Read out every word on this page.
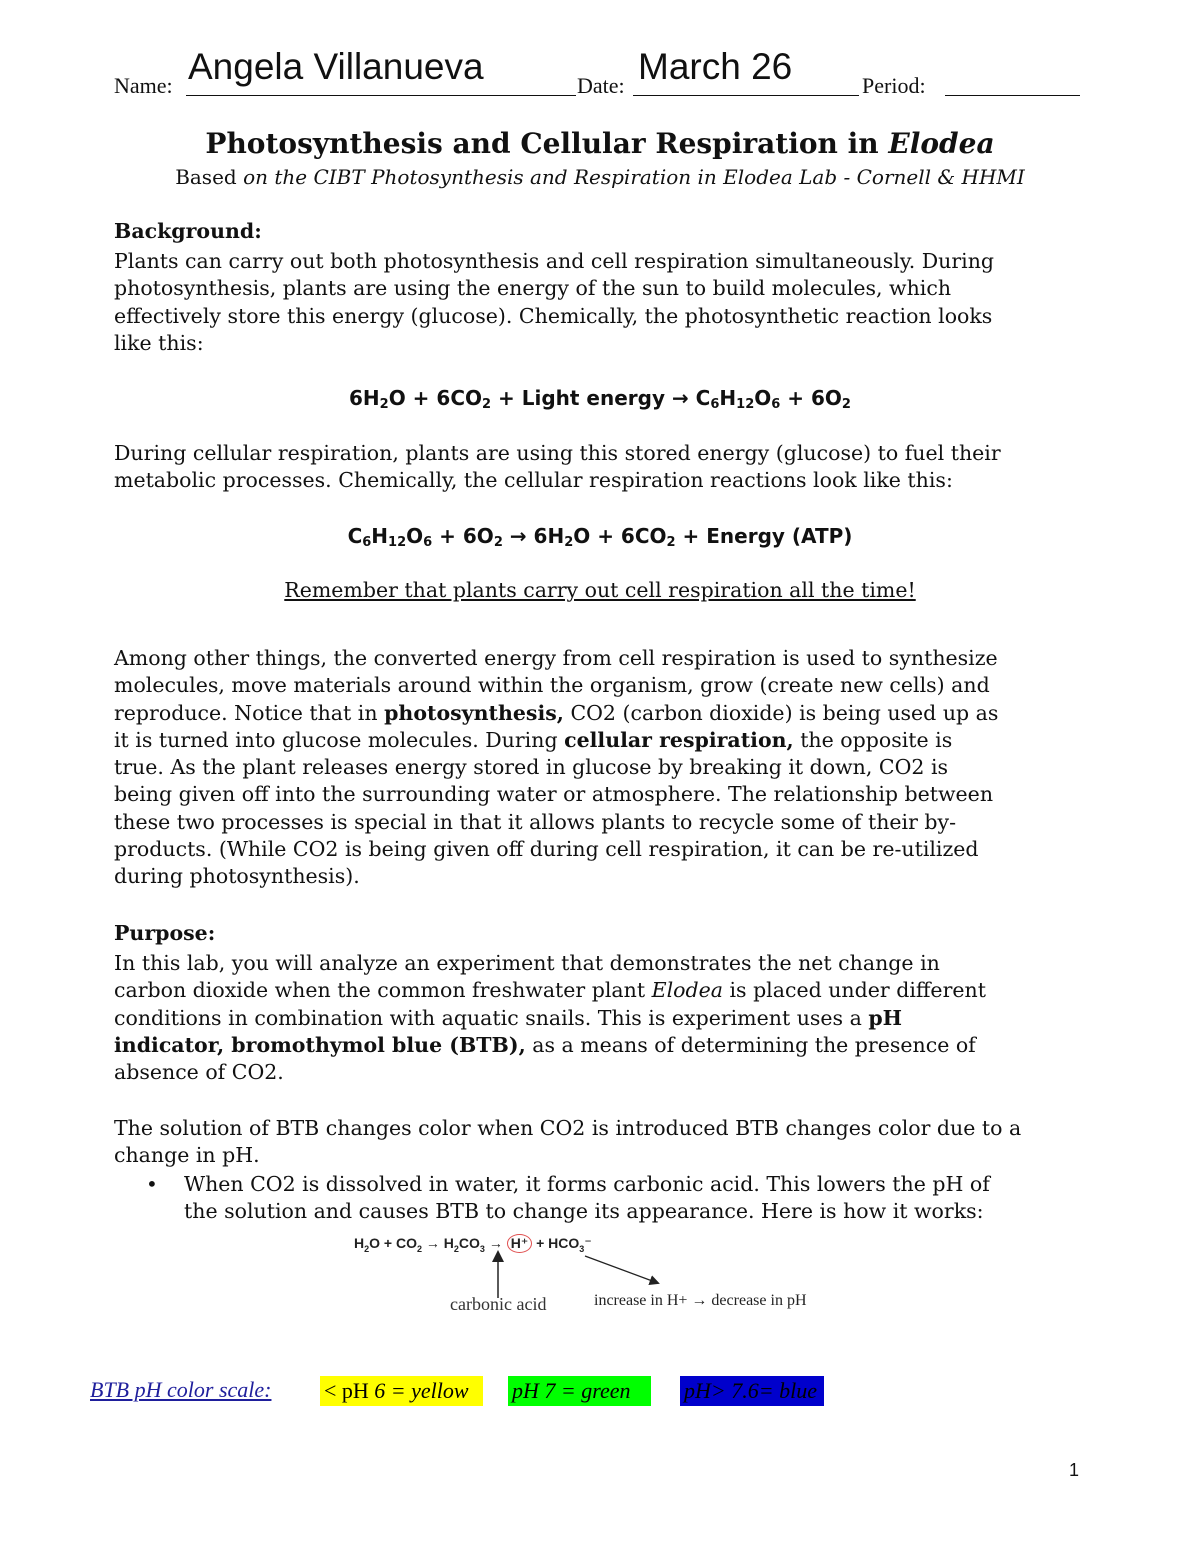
Name: Angela Villanueva	Date: March 26	Period:
Photosynthesis and Cellular Respiration in Elodea
Based on the CIBT Photosynthesis and Respiration in Elodea Lab - Cornell & HHMI
Background:

Plants can carry out both photosynthesis and cell respiration simultaneously. During

photosynthesis, plants are using the energy of the sun to build molecules, which

effectively store this energy (glucose). Chemically, the photosynthetic reaction looks

like this:

$6H_2O + 6CO_2$ + Light energy → $C_6H_{12}O_6 + 6O_2$

During cellular respiration, plants are using this stored energy (glucose) to fuel their

metabolic processes. Chemically, the cellular respiration reactions look like this:

$C_6H_{12}O_6 + 6O_2 \to 6H_2O + 6CO_2$ + Energy (ATP)
Remember that plants carry out cell respiration all the time!

Among other things, the converted energy from cell respiration is used to synthesize

molecules, move materials around within the organism, grow (create new cells) and

reproduce. Notice that in photosynthesis, CO2 (carbon dioxide) is being used up as

it is turned into glucose molecules. During cellular respiration, the opposite is

true. As the plant releases energy stored in glucose by breaking it down, CO2 is

being given off into the surrounding water or atmosphere. The relationship between

these two processes is special in that it allows plants to recycle some of their by-

products. (While CO2 is being given off during cell respiration, it can be re-utilized

during photosynthesis).

Purpose:

In this lab, you will analyze an experiment that demonstrates the net change in

carbon dioxide when the common freshwater plant Elodea is placed under different

conditions in combination with aquatic snails. This is experiment uses a pH

indicator, bromothymol blue (BTB), as a means of determining the presence of

absence of CO2.

The solution of BTB changes color when CO2 is introduced BTB changes color due to a

change in pH.

• When CO2 is dissolved in water, it forms carbonic acid. This lowers the pH of

the solution and causes BTB to change its appearance. Here is how it works:

$H_2O + CO_2 \to H_2CO_3 \to H^+ + HCO_3^-$
carbonic acid	increase in H+ → decrease in pH
BTB pH color scale: < pH 6 = yellow	pH 7 = green	pH> 7.6= blue
1
